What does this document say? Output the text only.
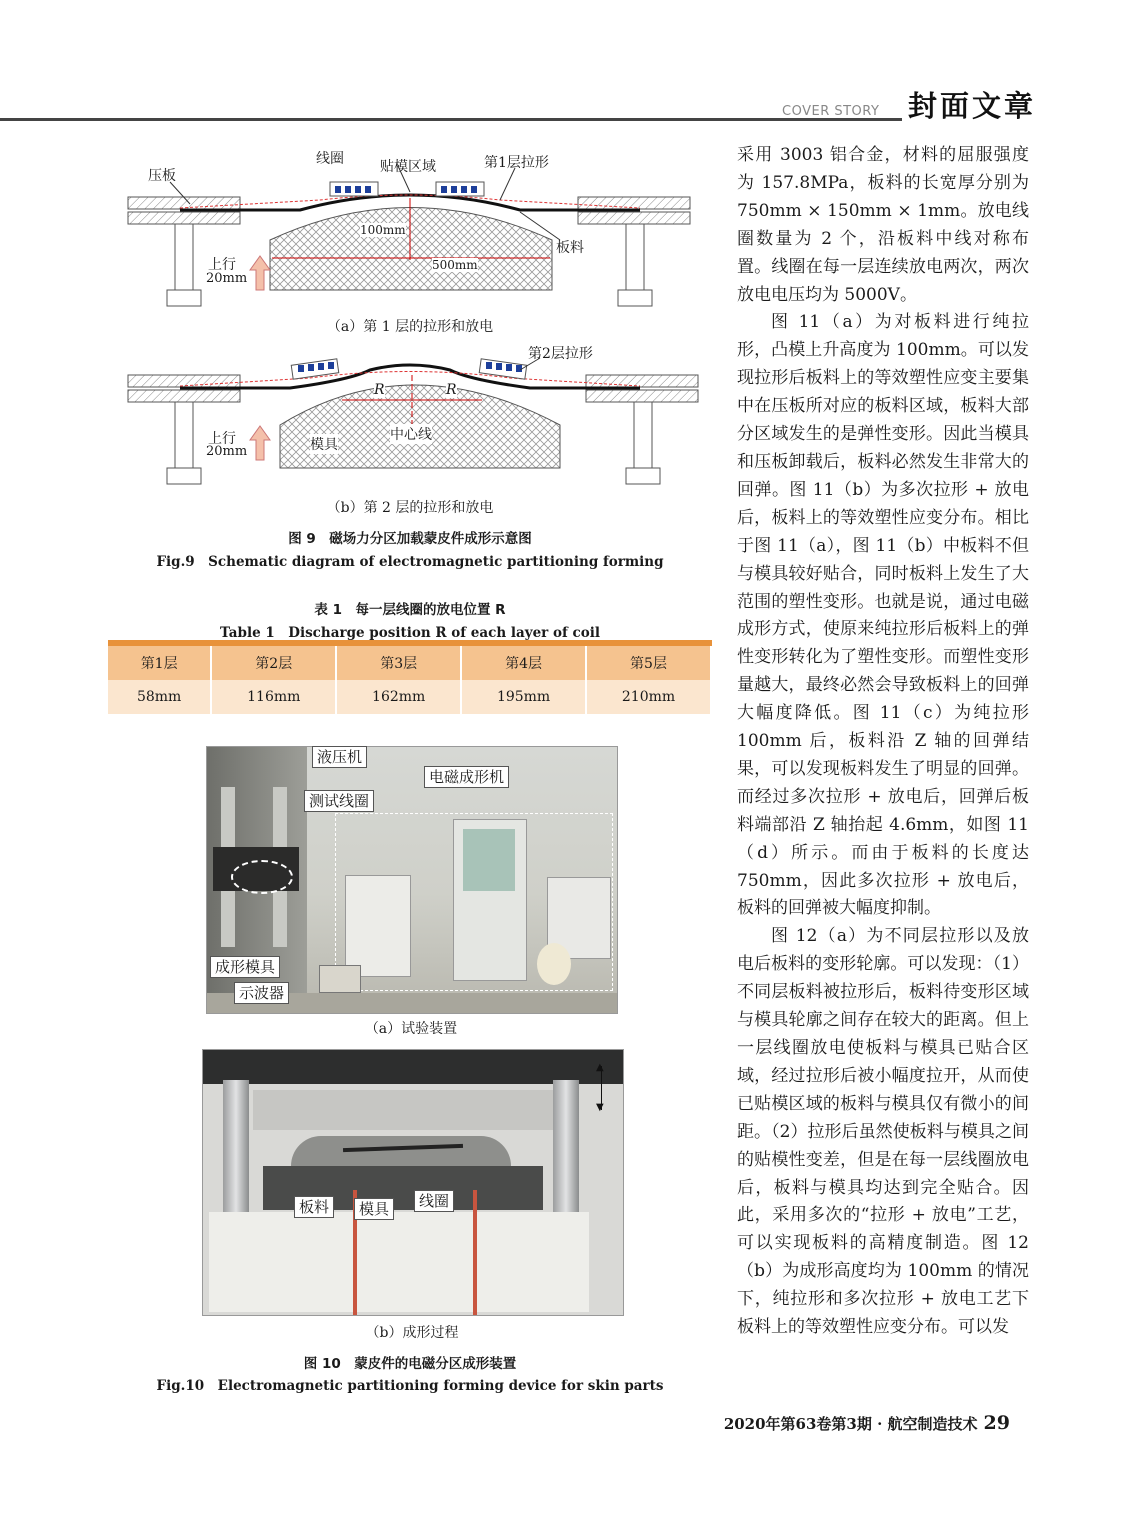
COVER STORY 封面文章
压板
线圈	贴模区域	第1层拉形
100mm
500mm
板料
上行
20mm
（a）第 1 层的拉形和放电
第2层拉形
R	R
中心线
模具
上行
20mm
（b）第 2 层的拉形和放电
图 9　磁场力分区加载蒙皮件成形示意图
Fig.9　Schematic diagram of electromagnetic partitioning forming
表 1　每一层线圈的放电位置 R
Table 1　Discharge position R of each layer of coil
第1层	第2层	第3层	第4层	第5层
58mm	116mm	162mm	195mm	210mm
液压机
测试线圈
电磁成形机
成形模具
示波器
（a）试验装置
▲
▼
板料	模具	线圈
（b）成形过程
图 10　蒙皮件的电磁分区成形装置
Fig.10　Electromagnetic partitioning forming device for skin parts

采用 3003 铝合金，材料的屈服强度为 157.8MPa，板料的长宽厚分别为 750mm × 150mm × 1mm。放电线圈数量为 2 个，沿板料中线对称布置。线圈在每一层连续放电两次，两次放电电压均为 5000V。

图 11（a）为对板料进行纯拉形，凸模上升高度为 100mm。可以发现拉形后板料上的等效塑性应变主要集中在压板所对应的板料区域，板料大部分区域发生的是弹性变形。因此当模具和压板卸载后，板料必然发生非常大的回弹。图 11（b）为多次拉形 + 放电后，板料上的等效塑性应变分布。相比于图 11（a），图 11（b）中板料不但与模具较好贴合，同时板料上发生了大范围的塑性变形。也就是说，通过电磁成形方式，使原来纯拉形后板料上的弹性变形转化为了塑性变形。而塑性变形量越大，最终必然会导致板料上的回弹大幅度降低。图 11（c）为纯拉形 100mm 后，板料沿 Z 轴的回弹结果，可以发现板料发生了明显的回弹。而经过多次拉形 + 放电后，回弹后板料端部沿 Z 轴抬起 4.6mm，如图 11（d）所示。而由于板料的长度达 750mm，因此多次拉形 + 放电后，板料的回弹被大幅度抑制。

图 12（a）为不同层拉形以及放电后板料的变形轮廓。可以发现：（1）不同层板料被拉形后，板料待变形区域与模具轮廓之间存在较大的距离。但上一层线圈放电使板料与模具已贴合区域，经过拉形后被小幅度拉开，从而使已贴模区域的板料与模具仅有微小的间距。（2）拉形后虽然使板料与模具之间的贴模性变差，但是在每一层线圈放电后，板料与模具均达到完全贴合。因此，采用多次的“拉形 + 放电”工艺，可以实现板料的高精度制造。图 12（b）为成形高度均为 100mm 的情况下，纯拉形和多次拉形 + 放电工艺下板料上的等效塑性应变分布。可以发

2020年第63卷第3期 · 航空制造技术 29
